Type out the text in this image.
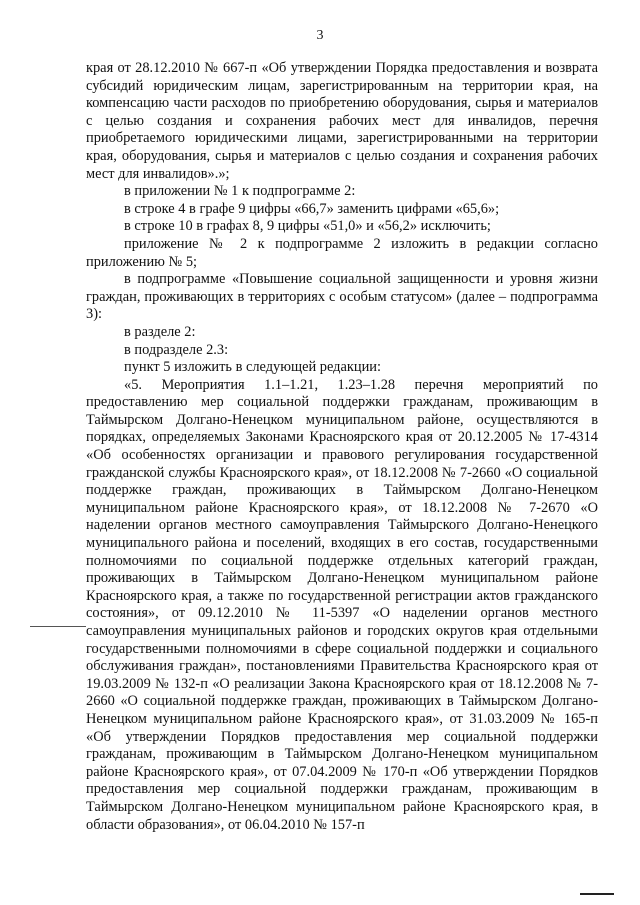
3

края от 28.12.2010 № 667-п «Об утверждении Порядка предоставления и возврата субсидий юридическим лицам, зарегистрированным на территории края, на компенсацию части расходов по приобретению оборудования, сырья и материалов с целью создания и сохранения рабочих мест для инвалидов, перечня приобретаемого юридическими лицами, зарегистрированными на территории края, оборудования, сырья и материалов с целью создания и сохранения рабочих мест для инвалидов».»;

в приложении № 1 к подпрограмме 2:

в строке 4 в графе 9 цифры «66,7» заменить цифрами «65,6»;

в строке 10 в графах 8, 9 цифры «51,0» и «56,2» исключить;

приложение № 2 к подпрограмме 2 изложить в редакции согласно приложению № 5;

в подпрограмме «Повышение социальной защищенности и уровня жизни граждан, проживающих в территориях с особым статусом» (далее – подпрограмма 3):

в разделе 2:

в подразделе 2.3:

пункт 5 изложить в следующей редакции:

«5. Мероприятия 1.1–1.21, 1.23–1.28 перечня мероприятий по предоставлению мер социальной поддержки гражданам, проживающим в Таймырском Долгано-Ненецком муниципальном районе, осуществляются в порядках, определяемых Законами Красноярского края от 20.12.2005 № 17-4314 «Об особенностях организации и правового регулирования государственной гражданской службы Красноярского края», от 18.12.2008 № 7-2660 «О социальной поддержке граждан, проживающих в Таймырском Долгано-Ненецком муниципальном районе Красноярского края», от 18.12.2008 № 7-2670 «О наделении органов местного самоуправления Таймырского Долгано-Ненецкого муниципального района и поселений, входящих в его состав, государственными полномочиями по социальной поддержке отдельных категорий граждан, проживающих в Таймырском Долгано-Ненецком муниципальном районе Красноярского края, а также по государственной регистрации актов гражданского состояния», от 09.12.2010 № 11-5397 «О наделении органов местного самоуправления муниципальных районов и городских округов края отдельными государственными полномочиями в сфере социальной поддержки и социального обслуживания граждан», постановлениями Правительства Красноярского края от 19.03.2009 № 132-п «О реализации Закона Красноярского края от 18.12.2008 № 7-2660 «О социальной поддержке граждан, проживающих в Таймырском Долгано-Ненецком муниципальном районе Красноярского края», от 31.03.2009 № 165-п «Об утверждении Порядков предоставления мер социальной поддержки гражданам, проживающим в Таймырском Долгано-Ненецком муниципальном районе Красноярского края», от 07.04.2009 № 170-п «Об утверждении Порядков предоставления мер социальной поддержки гражданам, проживающим в Таймырском Долгано-Ненецком муниципальном районе Красноярского края, в области образования», от 06.04.2010 № 157-п
